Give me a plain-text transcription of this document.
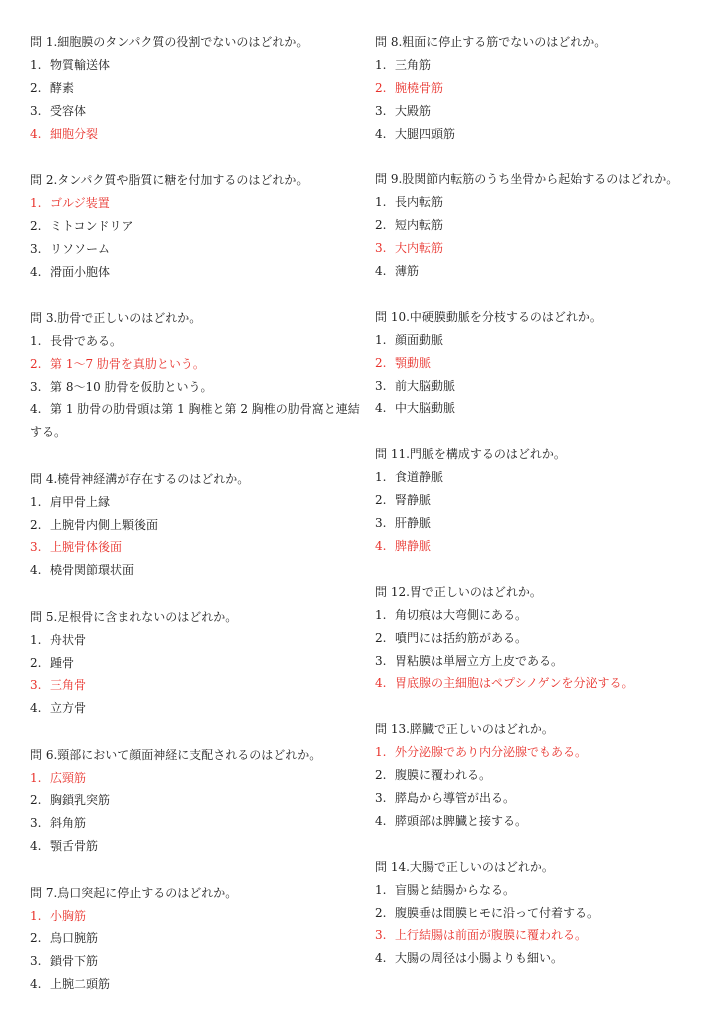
問 1.細胞膜のタンパク質の役割でないのはどれか。
1. 物質輸送体
2. 酵素
3. 受容体
4. 細胞分裂
問 2.タンパク質や脂質に糖を付加するのはどれか。
1. ゴルジ装置
2. ミトコンドリア
3. リソソーム
4. 滑面小胞体
問 3.肋骨で正しいのはどれか。
1. 長骨である。
2. 第 1～7 肋骨を真肋という。
3. 第 8～10 肋骨を仮肋という。
4. 第 1 肋骨の肋骨頭は第 1 胸椎と第 2 胸椎の肋骨窩と連結する。
問 4.橈骨神経溝が存在するのはどれか。
1. 肩甲骨上縁
2. 上腕骨内側上顆後面
3. 上腕骨体後面
4. 橈骨関節環状面
問 5.足根骨に含まれないのはどれか。
1. 舟状骨
2. 踵骨
3. 三角骨
4. 立方骨
問 6.頸部において顔面神経に支配されるのはどれか。
1. 広頸筋
2. 胸鎖乳突筋
3. 斜角筋
4. 顎舌骨筋
問 7.烏口突起に停止するのはどれか。
1. 小胸筋
2. 烏口腕筋
3. 鎖骨下筋
4. 上腕二頭筋
問 8.粗面に停止する筋でないのはどれか。
1. 三角筋
2. 腕橈骨筋
3. 大殿筋
4. 大腿四頭筋
問 9.股関節内転筋のうち坐骨から起始するのはどれか。
1. 長内転筋
2. 短内転筋
3. 大内転筋
4. 薄筋
問 10.中硬膜動脈を分枝するのはどれか。
1. 顔面動脈
2. 顎動脈
3. 前大脳動脈
4. 中大脳動脈
問 11.門脈を構成するのはどれか。
1. 食道静脈
2. 腎静脈
3. 肝静脈
4. 脾静脈
問 12.胃で正しいのはどれか。
1. 角切痕は大弯側にある。
2. 噴門には括約筋がある。
3. 胃粘膜は単層立方上皮である。
4. 胃底腺の主細胞はペプシノゲンを分泌する。
問 13.膵臓で正しいのはどれか。
1. 外分泌腺であり内分泌腺でもある。
2. 腹膜に覆われる。
3. 膵島から導管が出る。
4. 膵頭部は脾臓と接する。
問 14.大腸で正しいのはどれか。
1. 盲腸と結腸からなる。
2. 腹膜垂は間膜ヒモに沿って付着する。
3. 上行結腸は前面が腹膜に覆われる。
4. 大腸の周径は小腸よりも細い。
